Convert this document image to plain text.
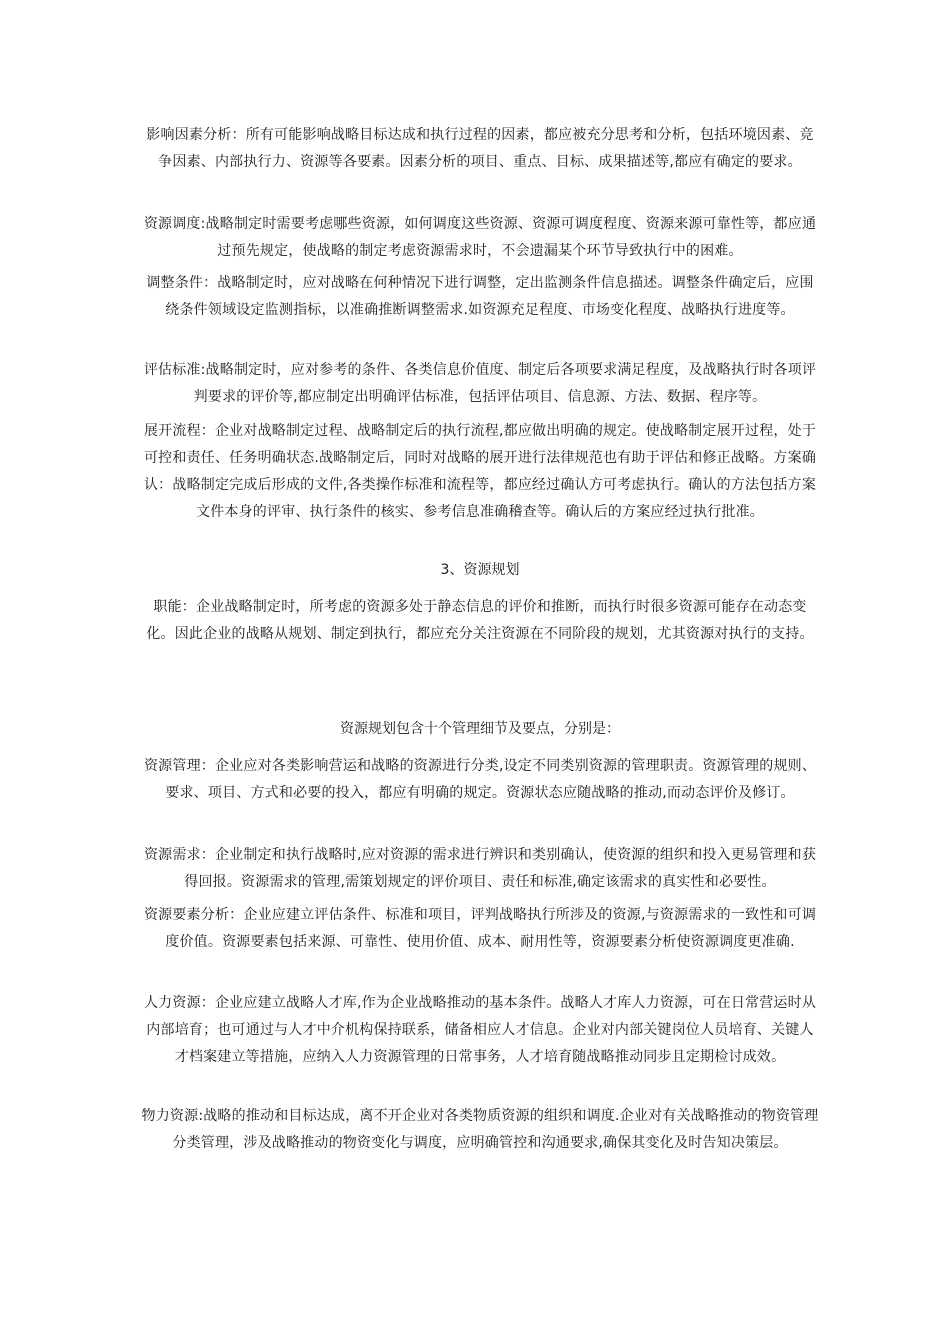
影响因素分析：所有可能影响战略目标达成和执行过程的因素，都应被充分思考和分析，包括环境因素、竞争因素、内部执行力、资源等各要素。因素分析的项目、重点、目标、成果描述等,都应有确定的要求。

资源调度:战略制定时需要考虑哪些资源，如何调度这些资源、资源可调度程度、资源来源可靠性等，都应通过预先规定，使战略的制定考虑资源需求时，不会遗漏某个环节导致执行中的困难。

调整条件：战略制定时，应对战略在何种情况下进行调整，定出监测条件信息描述。调整条件确定后，应围绕条件领域设定监测指标，以准确推断调整需求.如资源充足程度、市场变化程度、战略执行进度等。

评估标准:战略制定时，应对参考的条件、各类信息价值度、制定后各项要求满足程度，及战略执行时各项评判要求的评价等,都应制定出明确评估标准，包括评估项目、信息源、方法、数据、程序等。

展开流程：企业对战略制定过程、战略制定后的执行流程,都应做出明确的规定。使战略制定展开过程，处于可控和责任、任务明确状态.战略制定后，同时对战略的展开进行法律规范也有助于评估和修正战略。方案确认：战略制定完成后形成的文件,各类操作标准和流程等，都应经过确认方可考虑执行。确认的方法包括方案文件本身的评审、执行条件的核实、参考信息准确稽查等。确认后的方案应经过执行批准。

3、资源规划

职能：企业战略制定时，所考虑的资源多处于静态信息的评价和推断，而执行时很多资源可能存在动态变化。因此企业的战略从规划、制定到执行，都应充分关注资源在不同阶段的规划，尤其资源对执行的支持。

资源规划包含十个管理细节及要点，分别是：

资源管理：企业应对各类影响营运和战略的资源进行分类,设定不同类别资源的管理职责。资源管理的规则、要求、项目、方式和必要的投入，都应有明确的规定。资源状态应随战略的推动,而动态评价及修订。

资源需求：企业制定和执行战略时,应对资源的需求进行辨识和类别确认，使资源的组织和投入更易管理和获得回报。资源需求的管理,需策划规定的评价项目、责任和标准,确定该需求的真实性和必要性。

资源要素分析：企业应建立评估条件、标准和项目，评判战略执行所涉及的资源,与资源需求的一致性和可调度价值。资源要素包括来源、可靠性、使用价值、成本、耐用性等，资源要素分析使资源调度更准确.

人力资源：企业应建立战略人才库,作为企业战略推动的基本条件。战略人才库人力资源，可在日常营运时从内部培育；也可通过与人才中介机构保持联系，储备相应人才信息。企业对内部关键岗位人员培育、关键人才档案建立等措施，应纳入人力资源管理的日常事务，人才培育随战略推动同步且定期检讨成效。

物力资源:战略的推动和目标达成，离不开企业对各类物质资源的组织和调度.企业对有关战略推动的物资管理分类管理，涉及战略推动的物资变化与调度，应明确管控和沟通要求,确保其变化及时告知决策层。
